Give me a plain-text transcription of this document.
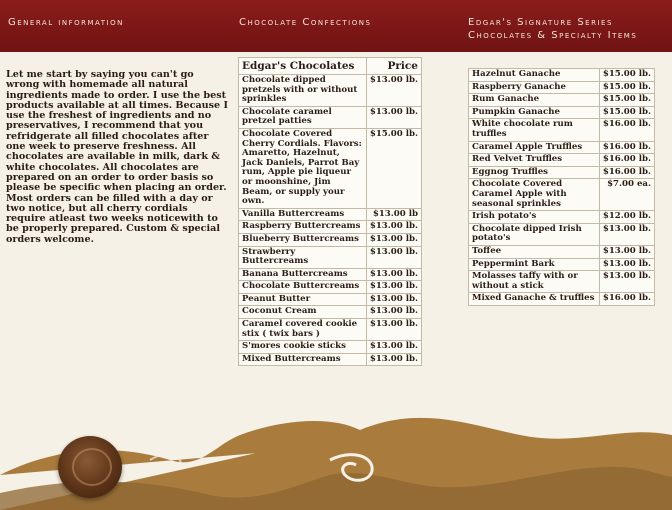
General information	Chocolate Confections	Edgar's Signature Series Chocolates & Specialty Items
Let me start by saying you can't go wrong with homemade all natural ingredients made to order. I use the best products available at all times. Because I use the freshest of ingredients and no preservatives, I recommend that you refridgerate all filled chocolates after one week to preserve freshness. All chocolates are available in milk, dark & white chocolates. All chocolates are prepared on an order to order basis so please be specific when placing an order. Most orders can be filled with a day or two notice, but all cherry cordials require atleast two weeks noticewith to be properly prepared. Custom & special orders welcome.
Edgar's Chocolates	Price
Chocolate dipped pretzels with or without sprinkles	$13.00 lb.
Chocolate caramel pretzel patties	$13.00 lb.
Chocolate Covered Cherry Cordials. Flavors: Amaretto, Hazelnut, Jack Daniels, Parrot Bay rum, Apple pie liqueur or moonshine, Jim Beam, or supply your own.	$15.00 lb.
Vanilla Buttercreams	$13.00 lb
Raspberry Buttercreams	$13.00 lb.
Blueberry Buttercreams	$13.00 lb.
Strawberry Buttercreams	$13.00 lb.
Banana Buttercreams	$13.00 lb.
Chocolate Buttercreams	$13.00 lb.
Peanut Butter	$13.00 lb.
Coconut Cream	$13.00 lb.
Caramel covered cookie stix ( twix bars )	$13.00 lb.
S'mores cookie sticks	$13.00 lb.
Mixed Buttercreams	$13.00 lb.
Hazelnut Ganache	$15.00 lb.
Raspberry Ganache	$15.00 lb.
Rum Ganache	$15.00 lb.
Pumpkin Ganache	$15.00 lb.
White chocolate rum truffles	$16.00 lb.
Caramel Apple Truffles	$16.00 lb.
Red Velvet Truffles	$16.00 lb.
Eggnog Truffles	$16.00 lb.
Chocolate Covered Caramel Apple with seasonal sprinkles	$7.00 ea.
Irish potato's	$12.00 lb.
Chocolate dipped Irish potato's	$13.00 lb.
Toffee	$13.00 lb.
Peppermint Bark	$13.00 lb.
Molasses taffy with or without a stick	$13.00 lb.
Mixed Ganache & truffles	$16.00 lb.
